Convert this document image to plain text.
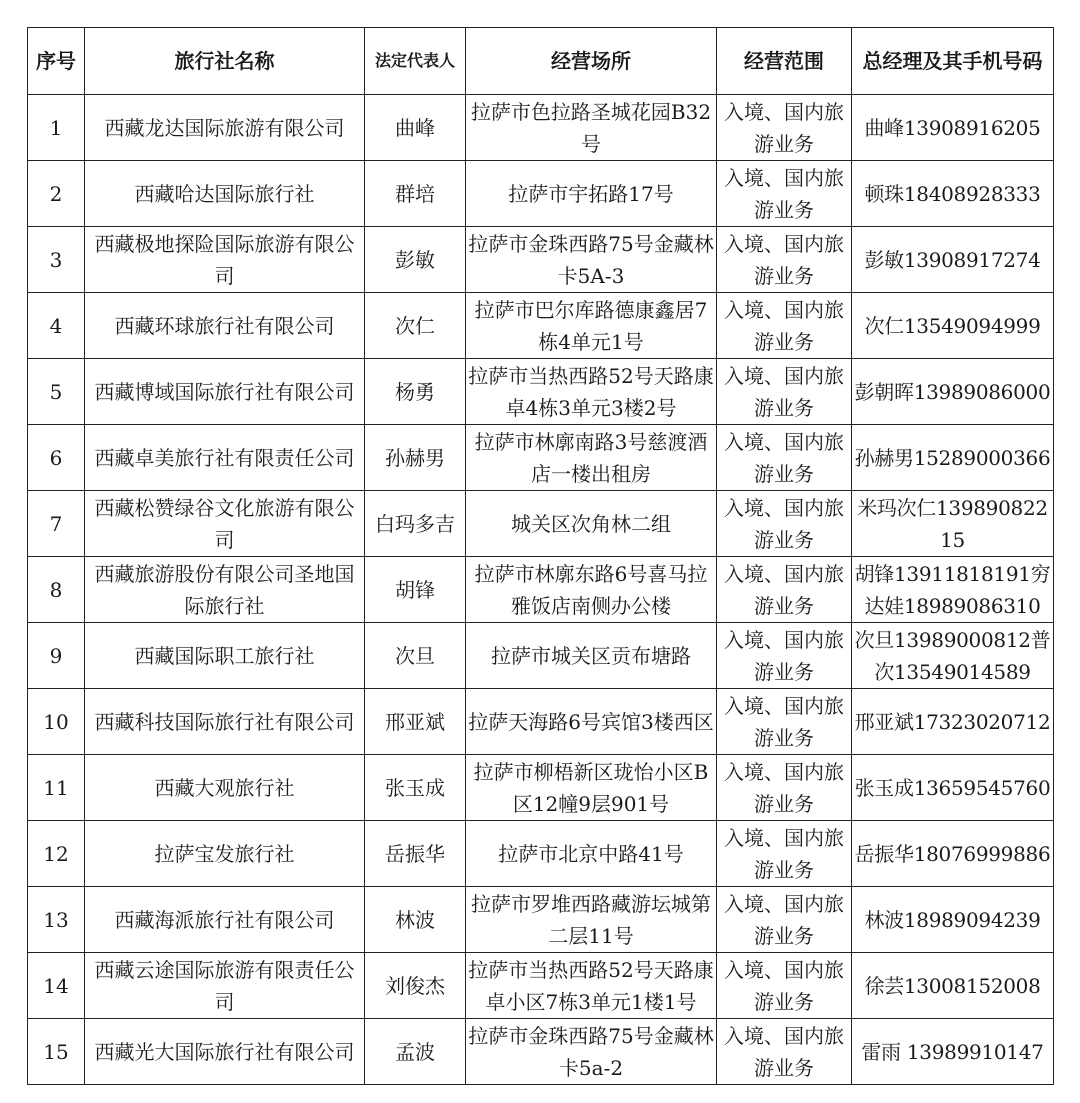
序号	旅行社名称	法定代表人	经营场所	经营范围	总经理及其手机号码
1	西藏龙达国际旅游有限公司	曲峰	拉萨市色拉路圣城花园B32号	入境、国内旅游业务	曲峰13908916205
2	西藏哈达国际旅行社	群培	拉萨市宇拓路17号	入境、国内旅游业务	顿珠18408928333
3	西藏极地探险国际旅游有限公司	彭敏	拉萨市金珠西路75号金藏林卡5A-3	入境、国内旅游业务	彭敏13908917274
4	西藏环球旅行社有限公司	次仁	拉萨市巴尔库路德康鑫居7栋4单元1号	入境、国内旅游业务	次仁13549094999
5	西藏博域国际旅行社有限公司	杨勇	拉萨市当热西路52号天路康卓4栋3单元3楼2号	入境、国内旅游业务	彭朝晖13989086000
6	西藏卓美旅行社有限责任公司	孙赫男	拉萨市林廓南路3号慈渡酒店一楼出租房	入境、国内旅游业务	孙赫男15289000366
7	西藏松赞绿谷文化旅游有限公司	白玛多吉	城关区次角林二组	入境、国内旅游业务	米玛次仁13989082215
8	西藏旅游股份有限公司圣地国际旅行社	胡锋	拉萨市林廓东路6号喜马拉雅饭店南侧办公楼	入境、国内旅游业务	胡锋13911818191穷达娃18989086310
9	西藏国际职工旅行社	次旦	拉萨市城关区贡布塘路	入境、国内旅游业务	次旦13989000812普次13549014589
10	西藏科技国际旅行社有限公司	邢亚斌	拉萨天海路6号宾馆3楼西区	入境、国内旅游业务	邢亚斌17323020712
11	西藏大观旅行社	张玉成	拉萨市柳梧新区珑怡小区B区12幢9层901号	入境、国内旅游业务	张玉成13659545760
12	拉萨宝发旅行社	岳振华	拉萨市北京中路41号	入境、国内旅游业务	岳振华18076999886
13	西藏海派旅行社有限公司	林波	拉萨市罗堆西路藏游坛城第二层11号	入境、国内旅游业务	林波18989094239
14	西藏云途国际旅游有限责任公司	刘俊杰	拉萨市当热西路52号天路康卓小区7栋3单元1楼1号	入境、国内旅游业务	徐芸13008152008
15	西藏光大国际旅行社有限公司	孟波	拉萨市金珠西路75号金藏林卡5a-2	入境、国内旅游业务	雷雨 13989910147
